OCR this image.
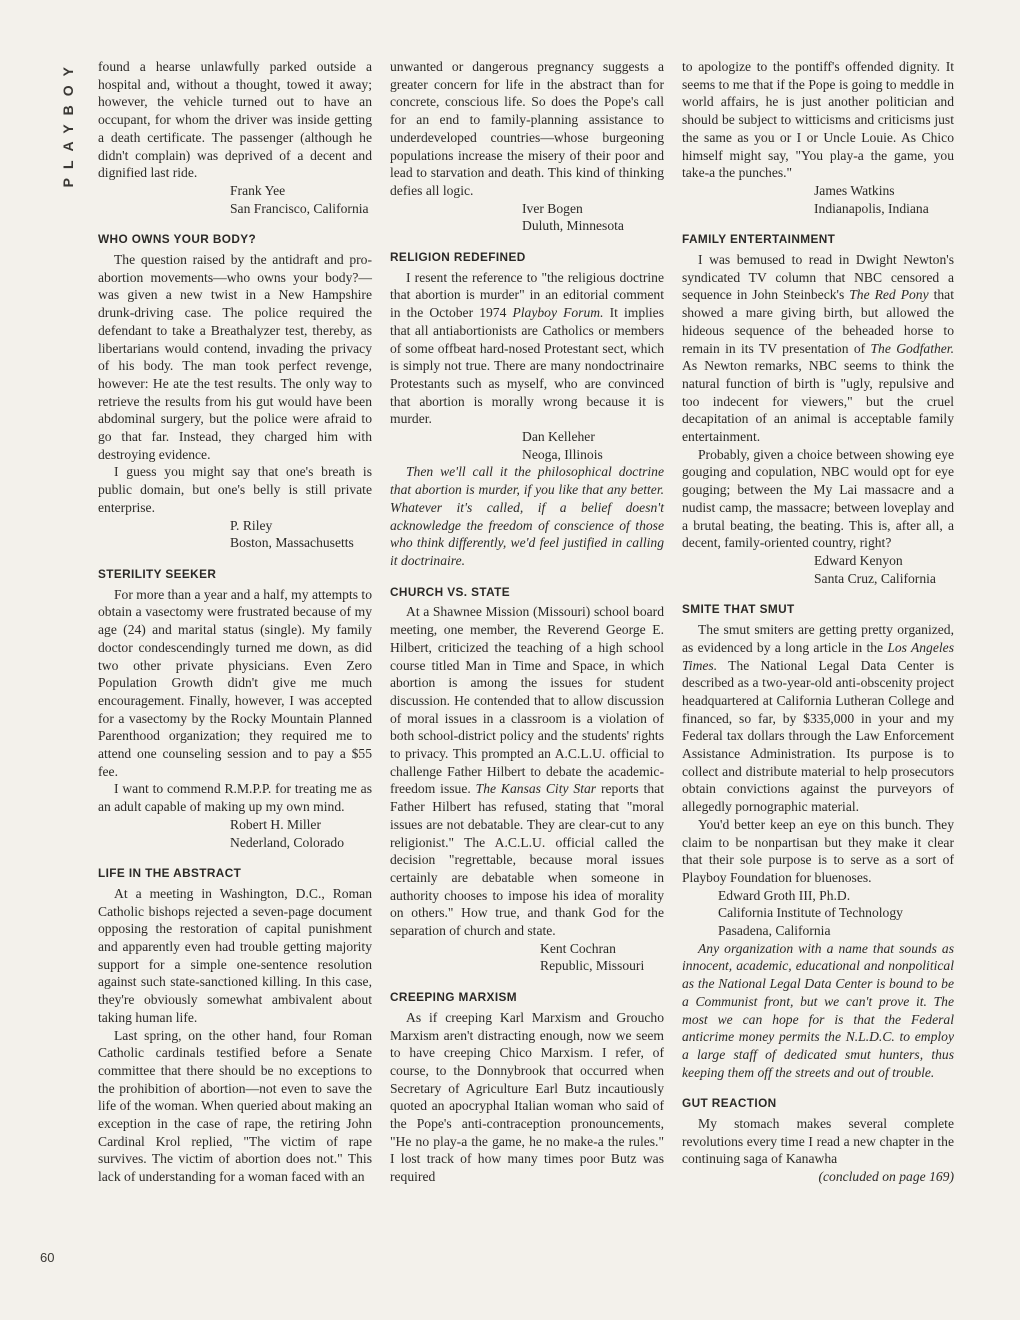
PLAYBOY
60

found a hearse unlawfully parked outside a hospital and, without a thought, towed it away; however, the vehicle turned out to have an occupant, for whom the driver was inside getting a death certificate. The passenger (although he didn't complain) was deprived of a decent and dignified last ride.

Frank Yee
San Francisco, California
WHO OWNS YOUR BODY?

The question raised by the antidraft and pro-abortion movements—who owns your body?—was given a new twist in a New Hampshire drunk-driving case. The police required the defendant to take a Breathalyzer test, thereby, as libertarians would contend, invading the privacy of his body. The man took perfect revenge, however: He ate the test results. The only way to retrieve the results from his gut would have been abdominal surgery, but the police were afraid to go that far. Instead, they charged him with destroying evidence.

I guess you might say that one's breath is public domain, but one's belly is still private enterprise.

P. Riley
Boston, Massachusetts
STERILITY SEEKER

For more than a year and a half, my attempts to obtain a vasectomy were frustrated because of my age (24) and marital status (single). My family doctor condescendingly turned me down, as did two other private physicians. Even Zero Population Growth didn't give me much encouragement. Finally, however, I was accepted for a vasectomy by the Rocky Mountain Planned Parenthood organization; they required me to attend one counseling session and to pay a $55 fee.

I want to commend R.M.P.P. for treating me as an adult capable of making up my own mind.

Robert H. Miller
Nederland, Colorado
LIFE IN THE ABSTRACT

At a meeting in Washington, D.C., Roman Catholic bishops rejected a seven-page document opposing the restoration of capital punishment and apparently even had trouble getting majority support for a simple one-sentence resolution against such state-sanctioned killing. In this case, they're obviously somewhat ambivalent about taking human life.

Last spring, on the other hand, four Roman Catholic cardinals testified before a Senate committee that there should be no exceptions to the prohibition of abortion—not even to save the life of the woman. When queried about making an exception in the case of rape, the retiring John Cardinal Krol replied, "The victim of rape survives. The victim of abortion does not." This lack of understanding for a woman faced with an

unwanted or dangerous pregnancy suggests a greater concern for life in the abstract than for concrete, conscious life. So does the Pope's call for an end to family-planning assistance to underdeveloped countries—whose burgeoning populations increase the misery of their poor and lead to starvation and death. This kind of thinking defies all logic.

Iver Bogen
Duluth, Minnesota
RELIGION REDEFINED

I resent the reference to "the religious doctrine that abortion is murder" in an editorial comment in the October 1974 Playboy Forum. It implies that all antiabortionists are Catholics or members of some offbeat hard-nosed Protestant sect, which is simply not true. There are many nondoctrinaire Protestants such as myself, who are convinced that abortion is morally wrong because it is murder.

Dan Kelleher
Neoga, Illinois

Then we'll call it the philosophical doctrine that abortion is murder, if you like that any better. Whatever it's called, if a belief doesn't acknowledge the freedom of conscience of those who think differently, we'd feel justified in calling it doctrinaire.

CHURCH VS. STATE

At a Shawnee Mission (Missouri) school board meeting, one member, the Reverend George E. Hilbert, criticized the teaching of a high school course titled Man in Time and Space, in which abortion is among the issues for student discussion. He contended that to allow discussion of moral issues in a classroom is a violation of both school-district policy and the students' rights to privacy. This prompted an A.C.L.U. official to challenge Father Hilbert to debate the academic-freedom issue. The Kansas City Star reports that Father Hilbert has refused, stating that "moral issues are not debatable. They are clear-cut to any religionist." The A.C.L.U. official called the decision "regrettable, because moral issues certainly are debatable when someone in authority chooses to impose his idea of morality on others." How true, and thank God for the separation of church and state.

Kent Cochran
Republic, Missouri
CREEPING MARXISM

As if creeping Karl Marxism and Groucho Marxism aren't distracting enough, now we seem to have creeping Chico Marxism. I refer, of course, to the Donnybrook that occurred when Secretary of Agriculture Earl Butz incautiously quoted an apocryphal Italian woman who said of the Pope's anti-contraception pronouncements, "He no play-a the game, he no make-a the rules." I lost track of how many times poor Butz was required

to apologize to the pontiff's offended dignity. It seems to me that if the Pope is going to meddle in world affairs, he is just another politician and should be subject to witticisms and criticisms just the same as you or I or Uncle Louie. As Chico himself might say, "You play-a the game, you take-a the punches."

James Watkins
Indianapolis, Indiana
FAMILY ENTERTAINMENT

I was bemused to read in Dwight Newton's syndicated TV column that NBC censored a sequence in John Steinbeck's The Red Pony that showed a mare giving birth, but allowed the hideous sequence of the beheaded horse to remain in its TV presentation of The Godfather. As Newton remarks, NBC seems to think the natural function of birth is "ugly, repulsive and too indecent for viewers," but the cruel decapitation of an animal is acceptable family entertainment.

Probably, given a choice between showing eye gouging and copulation, NBC would opt for eye gouging; between the My Lai massacre and a nudist camp, the massacre; between loveplay and a brutal beating, the beating. This is, after all, a decent, family-oriented country, right?

Edward Kenyon
Santa Cruz, California
SMITE THAT SMUT

The smut smiters are getting pretty organized, as evidenced by a long article in the Los Angeles Times. The National Legal Data Center is described as a two-year-old anti-obscenity project headquartered at California Lutheran College and financed, so far, by $335,000 in your and my Federal tax dollars through the Law Enforcement Assistance Administration. Its purpose is to collect and distribute material to help prosecutors obtain convictions against the purveyors of allegedly pornographic material.

You'd better keep an eye on this bunch. They claim to be nonpartisan but they make it clear that their sole purpose is to serve as a sort of Playboy Foundation for bluenoses.

Edward Groth III, Ph.D.
California Institute of Technology
Pasadena, California

Any organization with a name that sounds as innocent, academic, educational and nonpolitical as the National Legal Data Center is bound to be a Communist front, but we can't prove it. The most we can hope for is that the Federal anticrime money permits the N.L.D.C. to employ a large staff of dedicated smut hunters, thus keeping them off the streets and out of trouble.

GUT REACTION

My stomach makes several complete revolutions every time I read a new chapter in the continuing saga of Kanawha

(concluded on page 169)
